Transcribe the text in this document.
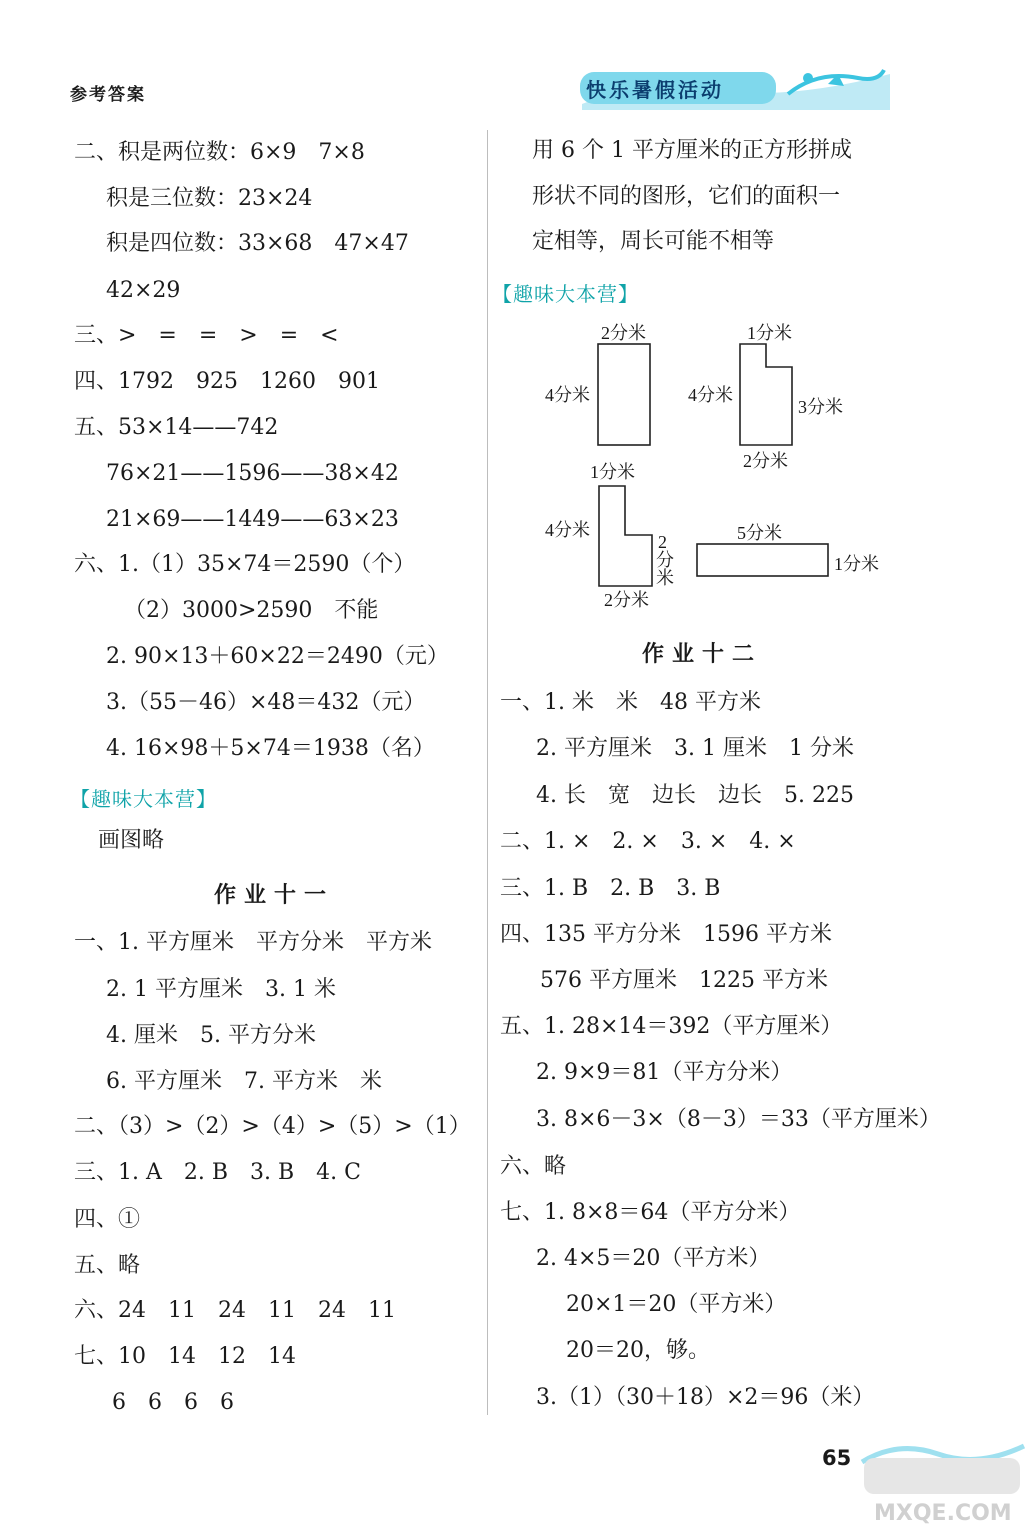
参考答案	快乐暑假活动
二、积是两位数：6×9　7×8
积是三位数：23×24
积是四位数：33×68　47×47
42×29
三、>　=　=　>　=　<
四、1792　925　1260　901
五、53×14——742
76×21——1596——38×42
21×69——1449——63×23
六、1.（1）35×74＝2590（个）
（2）3000>2590　不能
2. 90×13＋60×22＝2490（元）
3.（55－46）×48＝432（元）
4. 16×98＋5×74＝1938（名）
【趣味大本营】
画图略
作业十一
一、1. 平方厘米　平方分米　平方米
2. 1 平方厘米　3. 1 米
4. 厘米　5. 平方分米
6. 平方厘米　7. 平方米　米
二、（3）>（2）>（4）>（5）>（1）
三、1. A　2. B　3. B　4. C
四、①
五、略
六、24　11　24　11　24　11
七、10　14　12　14
6　6　6　6
用 6 个 1 平方厘米的正方形拼成
形状不同的图形，它们的面积一
定相等，周长可能不相等
【趣味大本营】
2分米
4分米
1分米
4分米
3分米
2分米
1分米
4分米
2
分
米
2分米
5分米
1分米
作业十二
一、1. 米　米　48 平方米
2. 平方厘米　3. 1 厘米　1 分米
4. 长　宽　边长　边长　5. 225
二、1. ×　2. ×　3. ×　4. ×
三、1. B　2. B　3. B
四、135 平方分米　1596 平方米
576 平方厘米　1225 平方米
五、1. 28×14＝392（平方厘米）
2. 9×9＝81（平方分米）
3. 8×6－3×（8－3）＝33（平方厘米）
六、略
七、1. 8×8＝64（平方分米）
2. 4×5＝20（平方米）
20×1＝20（平方米）
20＝20，够。
3.（1）（30＋18）×2＝96（米）
65
MXQE.COM
